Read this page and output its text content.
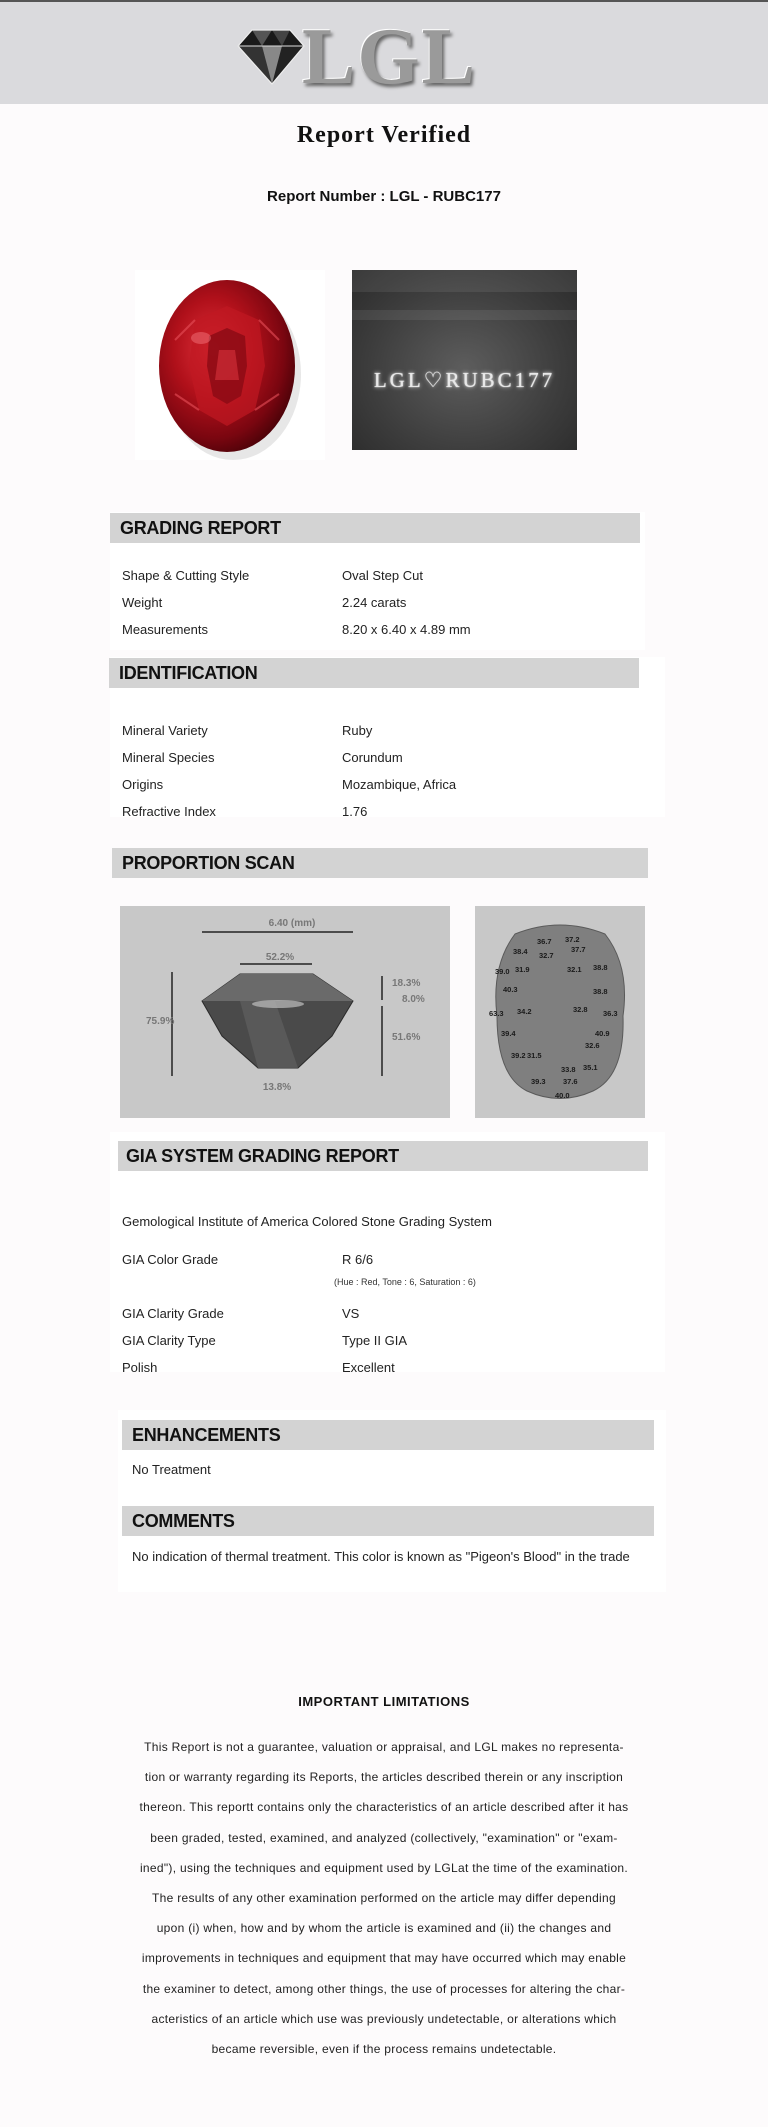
LGL
Report Verified
Report Number : LGL - RUBC177
LGL♡RUBC177
GRADING REPORT
Shape & Cutting Style	Oval Step Cut
Weight	2.24 carats
Measurements	8.20 x 6.40 x 4.89 mm
IDENTIFICATION
Mineral Variety	Ruby
Mineral Species	Corundum
Origins	Mozambique, Africa
Refractive Index	1.76
PROPORTION SCAN
6.40 (mm)
52.2%
75.9%
18.3%
8.0%
51.6%
13.8%
36.7 37.2
38.4 32.7
37.7
39.0 31.9	32.1 38.8
40.3	38.8
32.8
63.3 34.2	36.3
39.4	40.9
32.6
39.2 31.5
33.8 35.1
39.3 37.6
40.0
GIA SYSTEM GRADING REPORT
Gemological Institute of America Colored Stone Grading System
GIA Color Grade	R 6/6
(Hue : Red, Tone : 6, Saturation : 6)
GIA Clarity Grade	VS
GIA Clarity Type	Type II GIA
Polish	Excellent
ENHANCEMENTS
No Treatment
COMMENTS
No indication of thermal treatment. This color is known as "Pigeon's Blood" in the trade
IMPORTANT LIMITATIONS
This Report is not a guarantee, valuation or appraisal, and LGL makes no representa-
tion or warranty regarding its Reports, the articles described therein or any inscription
thereon. This reportt contains only the characteristics of an article described after it has
been graded, tested, examined, and analyzed (collectively, "examination" or "exam-
ined"), using the techniques and equipment used by LGLat the time of the examination.
The results of any other examination performed on the article may differ depending
upon (i) when, how and by whom the article is examined and (ii) the changes and
improvements in techniques and equipment that may have occurred which may enable
the examiner to detect, among other things, the use of processes for altering the char-
acteristics of an article which use was previously undetectable, or alterations which
became reversible, even if the process remains undetectable.
